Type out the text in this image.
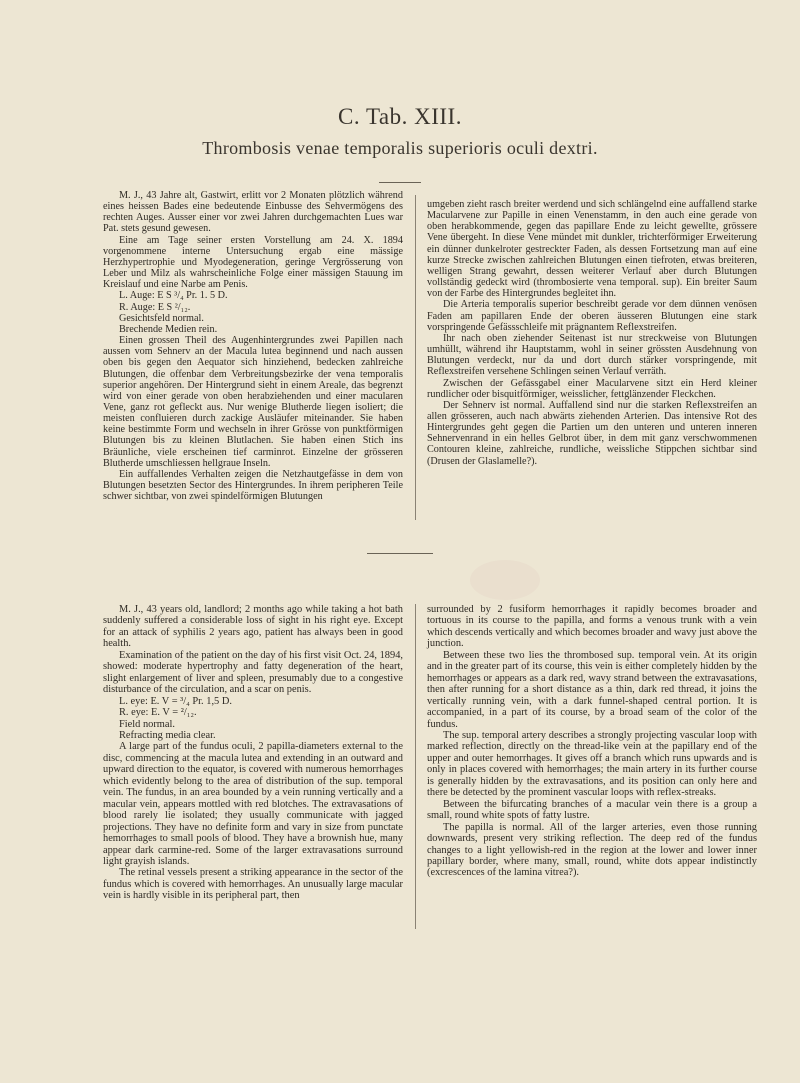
C. Tab. XIII.
Thrombosis venae temporalis superioris oculi dextri.

M. J., 43 Jahre alt, Gastwirt, erlitt vor 2 Monaten plötzlich während eines heissen Bades eine bedeutende Einbusse des Sehvermögens des rechten Auges. Ausser einer vor zwei Jahren durchgemachten Lues war Pat. stets gesund gewesen.

Eine am Tage seiner ersten Vorstellung am 24. X. 1894 vorgenommene interne Untersuchung ergab eine mässige Herzhypertrophie und Myodegeneration, geringe Vergrösserung von Leber und Milz als wahrscheinliche Folge einer mässigen Stauung im Kreislauf und eine Narbe am Penis.

L. Auge: E S ³/₄ Pr. 1. 5 D.

R. Auge: E S ²/₁₂.

Gesichtsfeld normal.

Brechende Medien rein.

Einen grossen Theil des Augenhintergrundes zwei Papillen nach aussen vom Sehnerv an der Macula lutea beginnend und nach aussen oben bis gegen den Aequator sich hinziehend, bedecken zahlreiche Blutungen, die offenbar dem Verbreitungsbezirke der vena temporalis superior angehören. Der Hintergrund sieht in einem Areale, das begrenzt wird von einer gerade von oben herabziehenden und einer macularen Vene, ganz rot gefleckt aus. Nur wenige Blutherde liegen isoliert; die meisten confluieren durch zackige Ausläufer miteinander. Sie haben keine bestimmte Form und wechseln in ihrer Grösse von punktförmigen Blutungen bis zu kleinen Blutlachen. Sie haben einen Stich ins Bräunliche, viele erscheinen tief carminrot. Einzelne der grösseren Blutherde umschliessen hellgraue Inseln.

Ein auffallendes Verhalten zeigen die Netzhautgefässe in dem von Blutungen besetzten Sector des Hintergrundes. In ihrem peripheren Teile schwer sichtbar, von zwei spindelförmigen Blutungen

umgeben zieht rasch breiter werdend und sich schlängelnd eine auffallend starke Macularvene zur Papille in einen Venenstamm, in den auch eine gerade von oben herabkommende, gegen das papillare Ende zu leicht gewellte, grössere Vene übergeht. In diese Vene mündet mit dunkler, trichterförmiger Erweiterung ein dünner dunkelroter gestreckter Faden, als dessen Fortsetzung man auf eine kurze Strecke zwischen zahlreichen Blutungen einen tiefroten, etwas breiteren, welligen Strang gewahrt, dessen weiterer Verlauf aber durch Blutungen vollständig gedeckt wird (thrombosierte vena temporal. sup). Ein breiter Saum von der Farbe des Hintergrundes begleitet ihn.

Die Arteria temporalis superior beschreibt gerade vor dem dünnen venösen Faden am papillaren Ende der oberen äusseren Blutungen eine stark vorspringende Gefässschleife mit prägnantem Reflexstreifen.

Ihr nach oben ziehender Seitenast ist nur streckweise von Blutungen umhüllt, während ihr Hauptstamm, wohl in seiner grössten Ausdehnung von Blutungen verdeckt, nur da und dort durch stärker vorspringende, mit Reflexstreifen versehene Schlingen seinen Verlauf verräth.

Zwischen der Gefässgabel einer Macularvene sitzt ein Herd kleiner rundlicher oder bisquitförmiger, weisslicher, fettglänzender Fleckchen.

Der Sehnerv ist normal. Auffallend sind nur die starken Reflexstreifen an allen grösseren, auch nach abwärts ziehenden Arterien. Das intensive Rot des Hintergrundes geht gegen die Partien um den unteren und unteren inneren Sehnervenrand in ein helles Gelbrot über, in dem mit ganz verschwommenen Contouren kleine, zahlreiche, rundliche, weissliche Stippchen sichtbar sind (Drusen der Glaslamelle?).

M. J., 43 years old, landlord; 2 months ago while taking a hot bath suddenly suffered a considerable loss of sight in his right eye. Except for an attack of syphilis 2 years ago, patient has always been in good health.

Examination of the patient on the day of his first visit Oct. 24, 1894, showed: moderate hypertrophy and fatty degeneration of the heart, slight enlargement of liver and spleen, presumably due to a congestive disturbance of the circulation, and a scar on penis.

L. eye: E. V = ³/₄ Pr. 1,5 D.

R. eye: E. V = ²/₁₂.

Field normal.

Refracting media clear.

A large part of the fundus oculi, 2 papilla-diameters external to the disc, commencing at the macula lutea and extending in an outward and upward direction to the equator, is covered with numerous hemorrhages which evidently belong to the area of distribution of the sup. temporal vein. The fundus, in an area bounded by a vein running vertically and a macular vein, appears mottled with red blotches. The extravasations of blood rarely lie isolated; they usually communicate with jagged projections. They have no definite form and vary in size from punctate hemorrhages to small pools of blood. They have a brownish hue, many appear dark carmine-red. Some of the larger extravasations surround light grayish islands.

The retinal vessels present a striking appearance in the sector of the fundus which is covered with hemorrhages. An unusually large macular vein is hardly visible in its peripheral part, then

surrounded by 2 fusiform hemorrhages it rapidly becomes broader and tortuous in its course to the papilla, and forms a venous trunk with a vein which descends vertically and which becomes broader and wavy just above the junction.

Between these two lies the thrombosed sup. temporal vein. At its origin and in the greater part of its course, this vein is either completely hidden by the hemorrhages or appears as a dark red, wavy strand between the extravasations, then after running for a short distance as a thin, dark red thread, it joins the vertically running vein, with a dark funnel-shaped central portion. It is accompanied, in a part of its course, by a broad seam of the color of the fundus.

The sup. temporal artery describes a strongly projecting vascular loop with marked reflection, directly on the thread-like vein at the papillary end of the upper and outer hemorrhages. It gives off a branch which runs upwards and is only in places covered with hemorrhages; the main artery in its further course is generally hidden by the extravasations, and its position can only here and there be detected by the prominent vascular loops with reflex-streaks.

Between the bifurcating branches of a macular vein there is a group a small, round white spots of fatty lustre.

The papilla is normal. All of the larger arteries, even those running downwards, present very striking reflection. The deep red of the fundus changes to a light yellowish-red in the region at the lower and lower inner papillary border, where many, small, round, white dots appear indistinctly (excrescences of the lamina vitrea?).
